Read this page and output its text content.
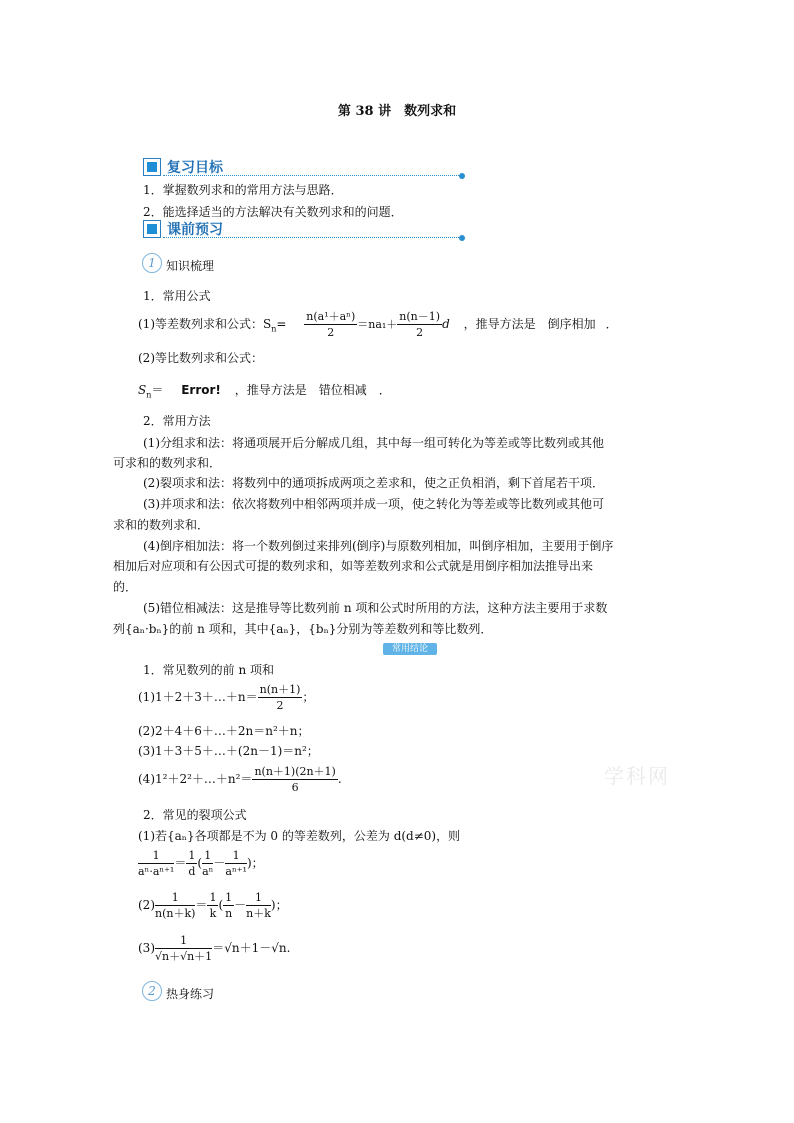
第 38 讲　数列求和
复习目标
1．掌握数列求和的常用方法与思路．
2．能选择适当的方法解决有关数列求和的问题．
课前预习
1 知识梳理
1．常用公式
(1)等差数列求和公式：$S_n= \frac{\text{n(a¹＋aⁿ)}}{2} =na_1+ \frac{n(n-1)}{2}$ d ，推导方法是 倒序相加 ．
(2)等比数列求和公式：
$S_n=$ Error! ，推导方法是 错位相减 ．
2．常用方法
(1)分组求和法：将通项展开后分解成几组，其中每一组可转化为等差或等比数列或其他
可求和的数列求和．
(2)裂项求和法：将数列中的通项拆成两项之差求和，使之正负相消，剩下首尾若干项．
(3)并项求和法：依次将数列中相邻两项并成一项，使之转化为等差或等比数列或其他可
求和的数列求和．
(4)倒序相加法：将一个数列倒过来排列(倒序)与原数列相加，叫倒序相加，主要用于倒序
相加后对应项和有公因式可提的数列求和，如等差数列求和公式就是用倒序相加法推导出来
的．
(5)错位相减法：这是推导等比数列前 n 项和公式时所用的方法，这种方法主要用于求数
列{aₙ·bₙ}的前 n 项和，其中{aₙ}，{bₙ}分别为等差数列和等比数列．
常用结论
1．常见数列的前 n 项和
(1)1＋2＋3＋…＋n＝ $\frac{n(n+1)}{2}$ ；
(2)2＋4＋6＋…＋2n＝n²＋n；
(3)1＋3＋5＋…＋(2n－1)＝n²；
(4)1²＋2²＋…＋n²＝ $\frac{n(n+1)(2n+1)}{6}$ .	学科网
2．常见的裂项公式
(1)若{aₙ}各项都是不为 0 的等差数列，公差为 d(d≠0)，则
$\frac{1}{\text{aⁿ·aⁿ⁺¹}} = \frac{1}{d}$ ( $\frac{1}{\text{aⁿ}} - \frac{1}{\text{aⁿ⁺¹}}$ )；
$(2) \frac{1}{n(n+k)} = \frac{1}{k}$ ( $\frac{1}{n} - \frac{1}{n+k}$ )；
$(3) \frac{1}{√n+√n+1} =√n+1-√n$.
2 热身练习
